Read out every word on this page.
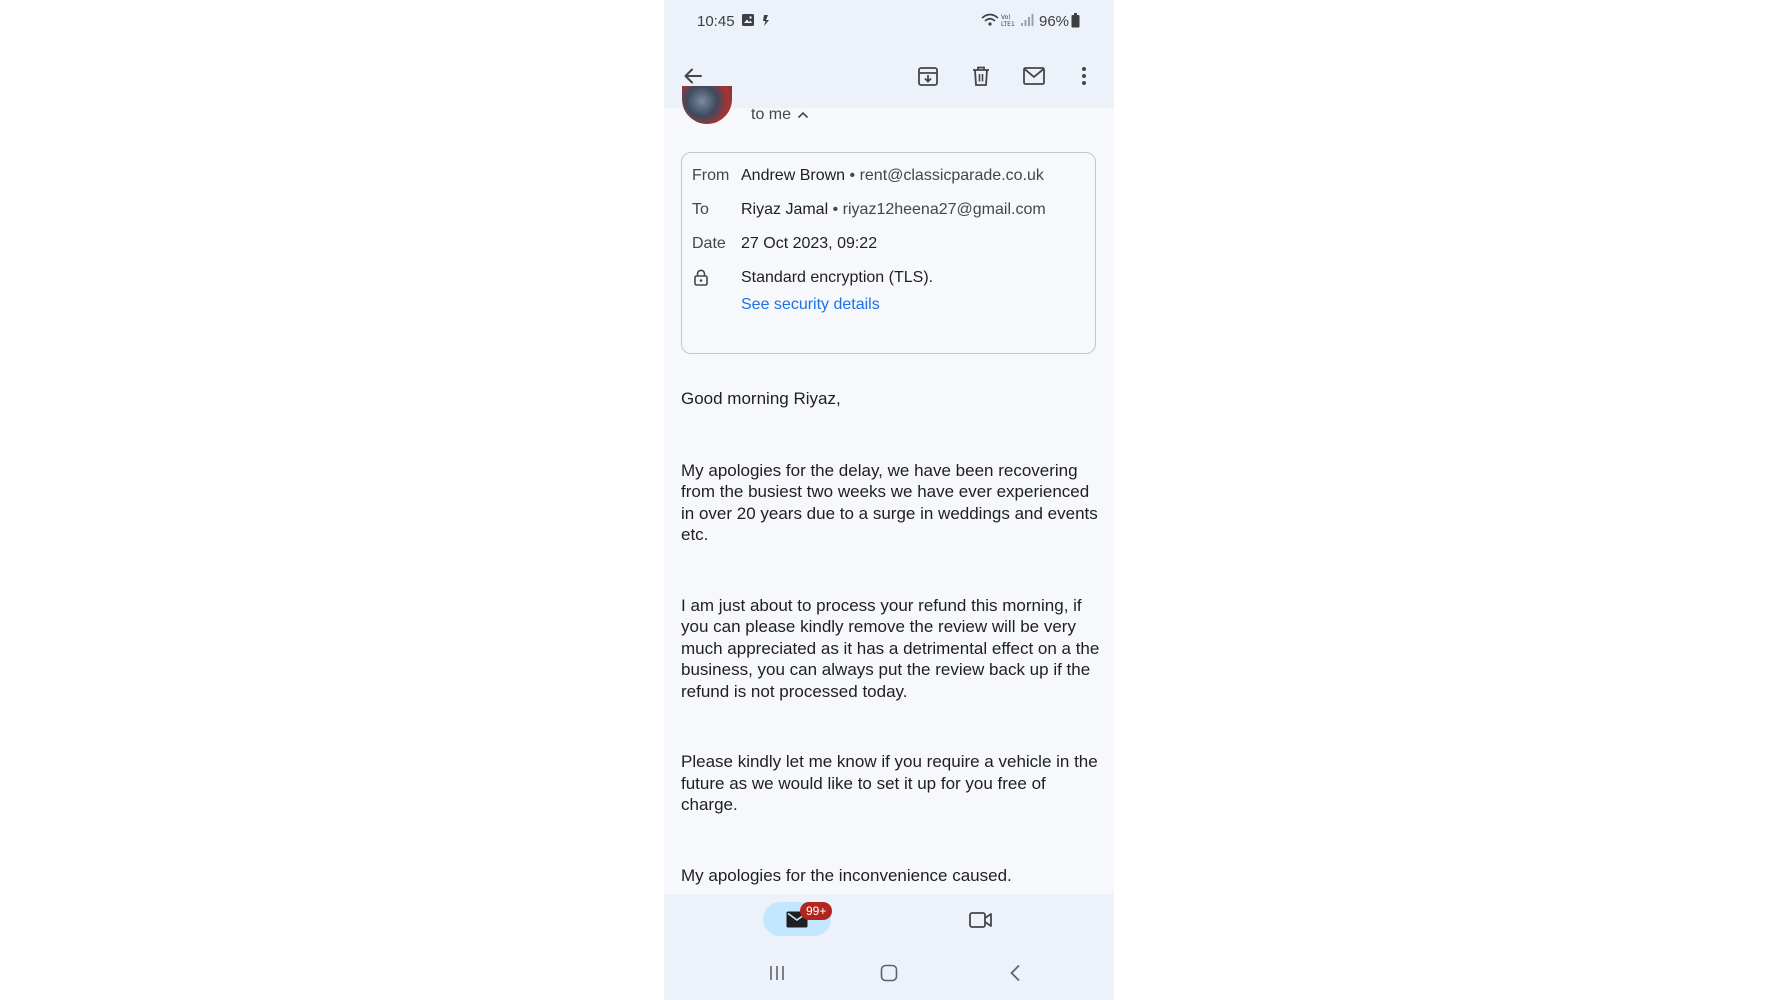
10:45	Vo)
LTE1 96%
to me
From Andrew Brown • rent@classicparade.co.uk
To Riyaz Jamal • riyaz12heena27@gmail.com
Date 27 Oct 2023, 09:22
Standard encryption (TLS).
See security details

Good morning Riyaz,

My apologies for the delay, we have been recovering from the busiest two weeks we have ever experienced in over 20 years due to a surge in weddings and events etc.

I am just about to process your refund this morning, if you can please kindly remove the review will be very much appreciated as it has a detrimental effect on a the business, you can always put the review back up if the refund is not processed today.

Please kindly let me know if you require a vehicle in the future as we would like to set it up for you free of charge.

My apologies for the inconvenience caused.

99+
